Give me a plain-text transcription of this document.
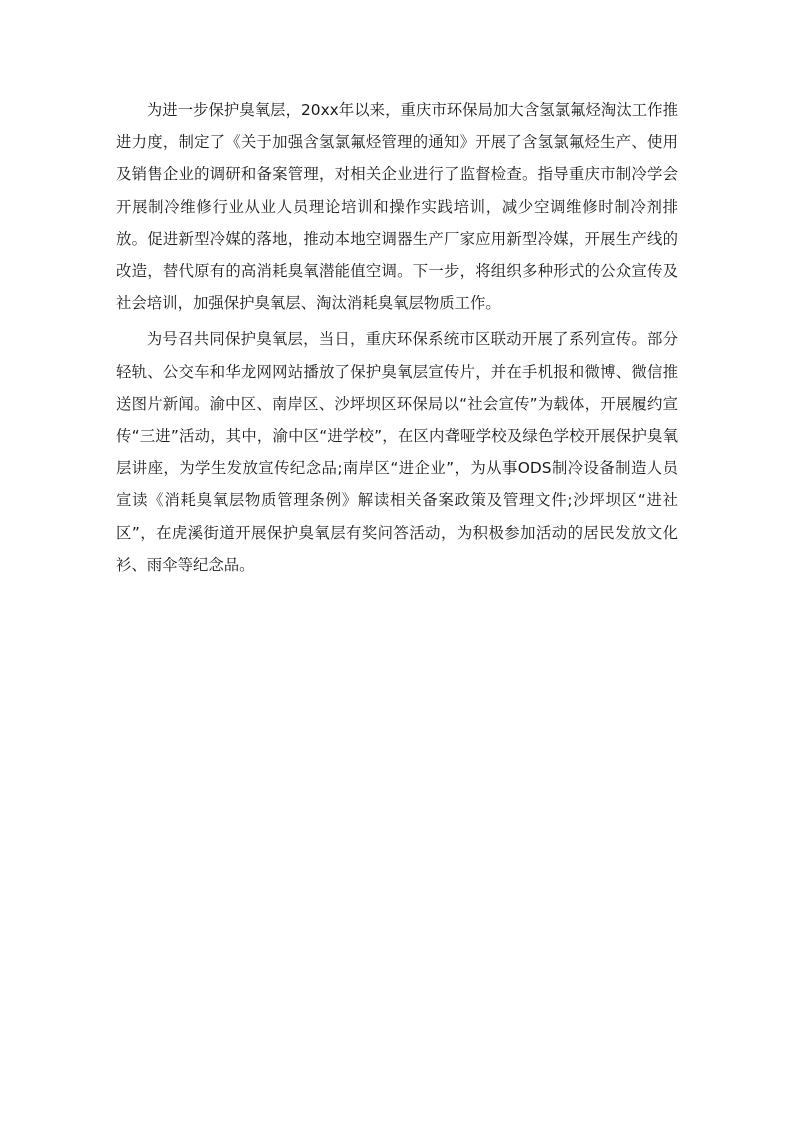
为进一步保护臭氧层，20xx年以来，重庆市环保局加大含氢氯氟烃淘汰工作推进力度，制定了《关于加强含氢氯氟烃管理的通知》开展了含氢氯氟烃生产、使用及销售企业的调研和备案管理，对相关企业进行了监督检查。指导重庆市制冷学会开展制冷维修行业从业人员理论培训和操作实践培训，减少空调维修时制冷剂排放。促进新型冷媒的落地，推动本地空调器生产厂家应用新型冷媒，开展生产线的改造，替代原有的高消耗臭氧潜能值空调。下一步，将组织多种形式的公众宣传及社会培训，加强保护臭氧层、淘汰消耗臭氧层物质工作。

为号召共同保护臭氧层，当日，重庆环保系统市区联动开展了系列宣传。部分轻轨、公交车和华龙网网站播放了保护臭氧层宣传片，并在手机报和微博、微信推送图片新闻。渝中区、南岸区、沙坪坝区环保局以“社会宣传”为载体，开展履约宣传“三进”活动，其中，渝中区“进学校”，在区内聋哑学校及绿色学校开展保护臭氧层讲座，为学生发放宣传纪念品;南岸区“进企业”，为从事ODS制冷设备制造人员宣读《消耗臭氧层物质管理条例》解读相关备案政策及管理文件;沙坪坝区“进社区”，在虎溪街道开展保护臭氧层有奖问答活动，为积极参加活动的居民发放文化衫、雨伞等纪念品。
